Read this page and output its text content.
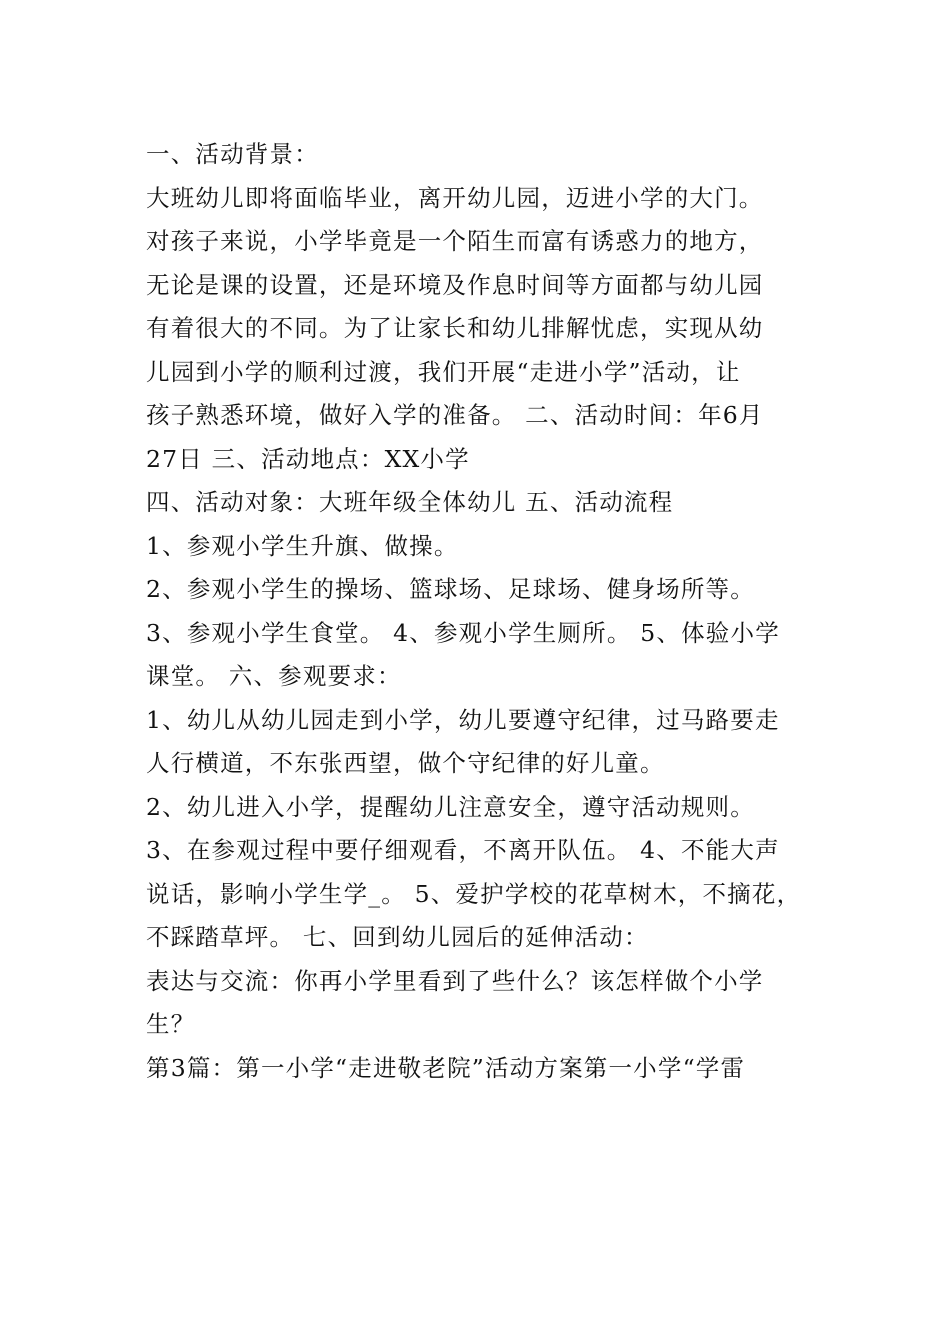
一、活动背景：
大班幼儿即将面临毕业，离开幼儿园，迈进小学的大门。
对孩子来说，小学毕竟是一个陌生而富有诱惑力的地方，
无论是课的设置，还是环境及作息时间等方面都与幼儿园
有着很大的不同。为了让家长和幼儿排解忧虑，实现从幼
儿园到小学的顺利过渡，我们开展“走进小学”活动，让
孩子熟悉环境，做好入学的准备。 二、活动时间：年6月
27日 三、活动地点：XX小学
四、活动对象：大班年级全体幼儿 五、活动流程
1、参观小学生升旗、做操。
2、参观小学生的操场、篮球场、足球场、健身场所等。
3、参观小学生食堂。 4、参观小学生厕所。 5、体验小学
课堂。 六、参观要求：
1、幼儿从幼儿园走到小学，幼儿要遵守纪律，过马路要走
人行横道，不东张西望，做个守纪律的好儿童。
2、幼儿进入小学，提醒幼儿注意安全，遵守活动规则。
3、在参观过程中要仔细观看，不离开队伍。 4、不能大声
说话，影响小学生学_。 5、爱护学校的花草树木，不摘花，
不踩踏草坪。 七、回到幼儿园后的延伸活动：
表达与交流：你再小学里看到了些什么？该怎样做个小学
生？
第3篇：第一小学“走进敬老院”活动方案第一小学“学雷
